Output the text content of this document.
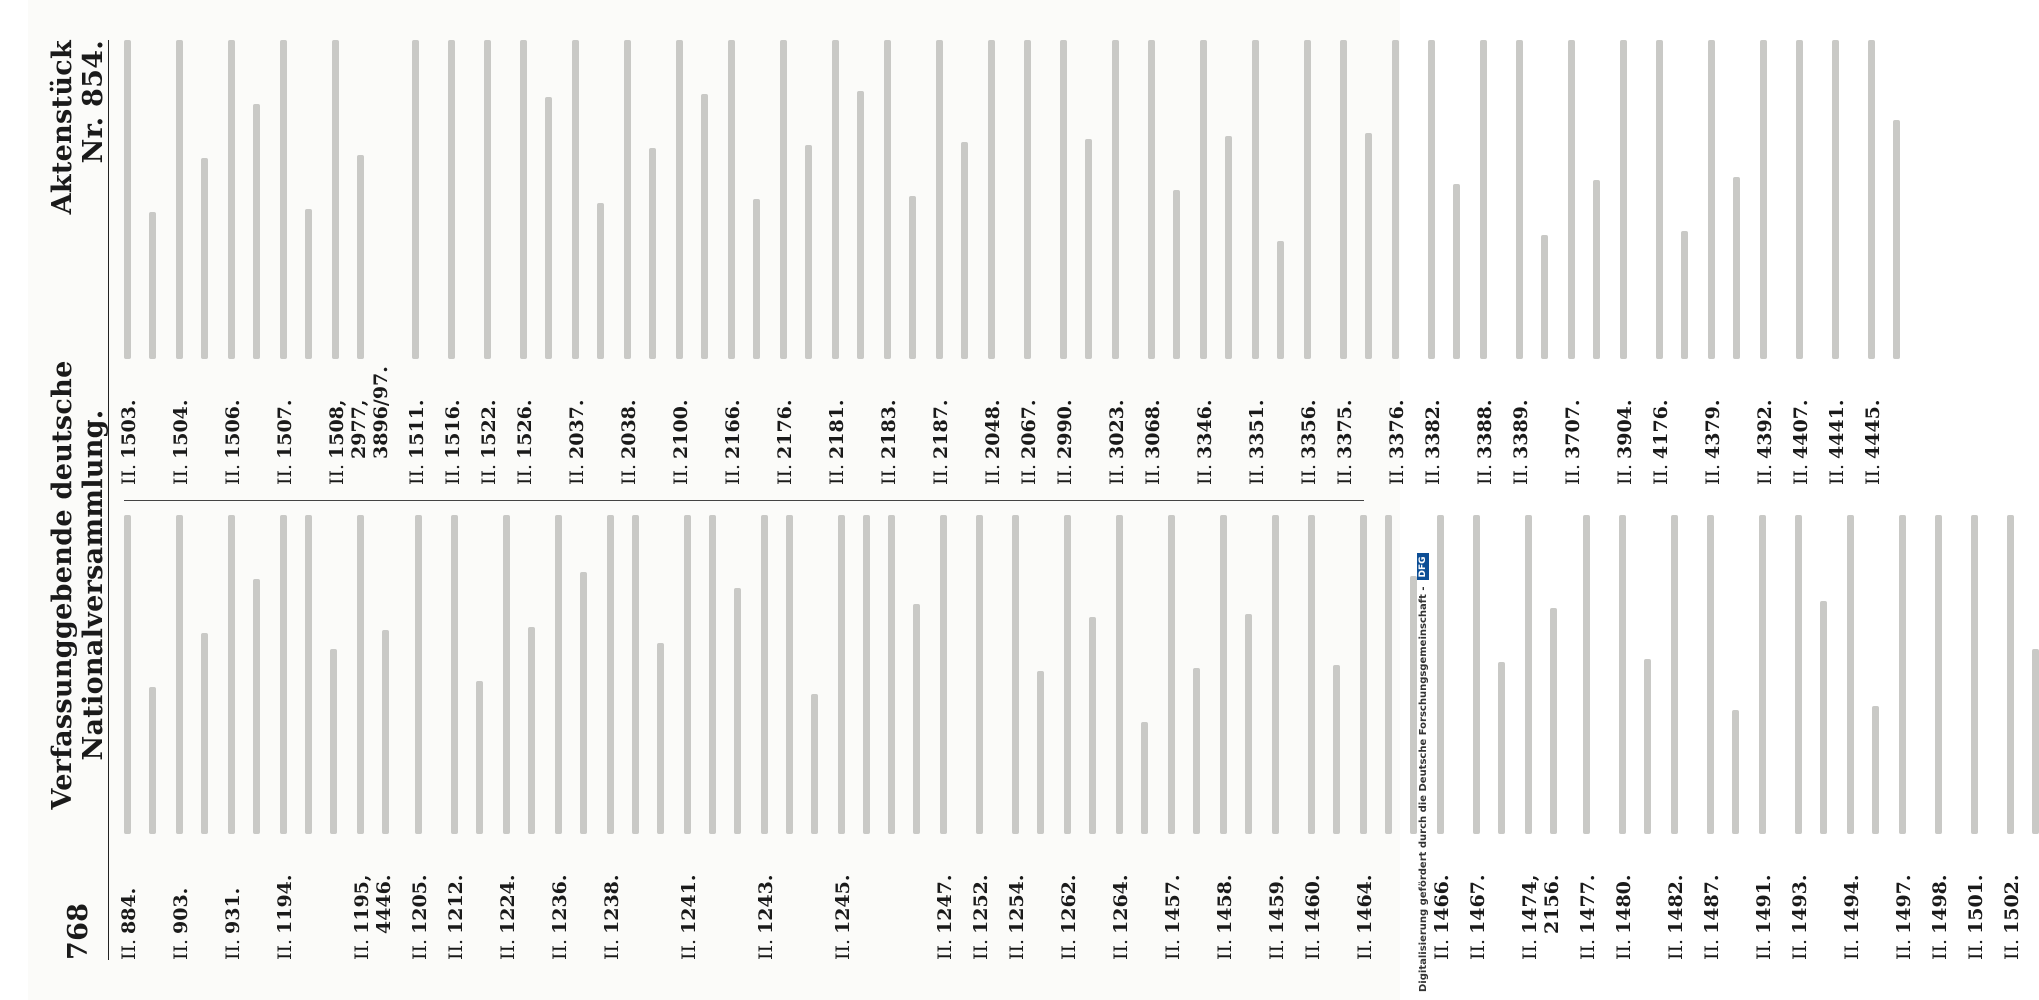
768
Verfassunggebende deutsche Nationalversammlung.
Aktenstück Nr. 854.
II.
884.
II.
903.
II.
931.
II.
1194.
II.
1195, 4446.
II.
1205.
II.
1212.
II.
1224.
II.
1236.
II.
1238.
II.
1241.
II.
1243.
II.
1245.
II.
1247.
II.
1252.
II.
1254.
II.
1262.
II.
1264.
II.
1457.
II.
1458.
II.
1459.
II.
1460.
II.
1464.
II.
1466.
II.
1467.
II.
1474, 2156.
II.
1477.
II.
1480.
II.
1482.
II.
1487.
II.
1491.
II.
1493.
II.
1494.
II.
1497.
II.
1498.
II.
1501.
II.
1502.
II.
1503.
II.
1504.
II.
1506.
II.
1507.
II.
1508, 2977, 3896/97.
II.
1511.
II.
1516.
II.
1522.
II.
1526.
II.
2037.
II.
2038.
II.
2100.
II.
2166.
II.
2176.
II.
2181.
II.
2183.
II.
2187.
II.
2048.
II.
2067.
II.
2990.
II.
3023.
II.
3068.
II.
3346.
II.
3351.
II.
3356.
II.
3375.
II.
3376.
II.
3382.
II.
3388.
II.
3389.
II.
3707.
II.
3904.
II.
4176.
II.
4379.
II.
4392.
II.
4407.
II.
4441.
II.
4445.
Digitalisierung gefördert durch die Deutsche Forschungsgemeinschaft -
DFG
